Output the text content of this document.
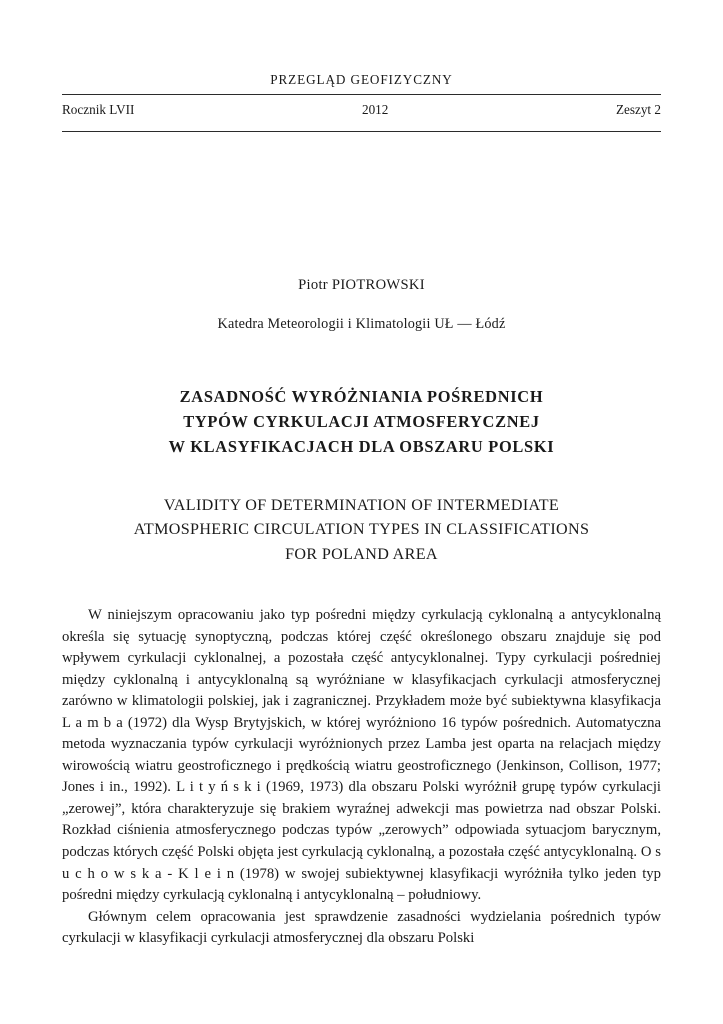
PRZEGLĄD GEOFIZYCZNY
Rocznik LVII	2012	Zeszyt 2
Piotr PIOTROWSKI
Katedra Meteorologii i Klimatologii UŁ — Łódź
ZASADNOŚĆ WYRÓŻNIANIA POŚREDNICH
TYPÓW CYRKULACJI ATMOSFERYCZNEJ
W KLASYFIKACJACH DLA OBSZARU POLSKI
VALIDITY OF DETERMINATION OF INTERMEDIATE
ATMOSPHERIC CIRCULATION TYPES IN CLASSIFICATIONS
FOR POLAND AREA

W niniejszym opracowaniu jako typ pośredni między cyrkulacją cyklonalną a antycyklonalną określa się sytuację synoptyczną, podczas której część określonego obszaru znajduje się pod wpływem cyrkulacji cyklonalnej, a pozostała część antycyklonalnej. Typy cyrkulacji pośredniej między cyklonalną i antycyklonalną są wyróżniane w klasyfikacjach cyrkulacji atmosferycznej zarówno w klimatologii polskiej, jak i zagranicznej. Przykładem może być subiektywna klasyfikacja L a m b a (1972) dla Wysp Brytyjskich, w której wyróżniono 16 typów pośrednich. Automatyczna metoda wyznaczania typów cyrkulacji wyróżnionych przez Lamba jest oparta na relacjach między wirowością wiatru geostroficznego i prędkością wiatru geostroficznego (Jenkinson, Collison, 1977; Jones i in., 1992). L i t y ń s k i (1969, 1973) dla obszaru Polski wyróżnił grupę typów cyrkulacji „zerowej”, która charakteryzuje się brakiem wyraźnej adwekcji mas powietrza nad obszar Polski. Rozkład ciśnienia atmosferycznego podczas typów „zerowych” odpowiada sytuacjom barycznym, podczas których część Polski objęta jest cyrkulacją cyklonalną, a pozostała część antycyklonalną. O s u c h o w s k a - K l e i n (1978) w swojej subiektywnej klasyfikacji wyróżniła tylko jeden typ pośredni między cyrkulacją cyklonalną i antycyklonalną – południowy.

Głównym celem opracowania jest sprawdzenie zasadności wydzielania pośrednich typów cyrkulacji w klasyfikacji cyrkulacji atmosferycznej dla obszaru Polski
